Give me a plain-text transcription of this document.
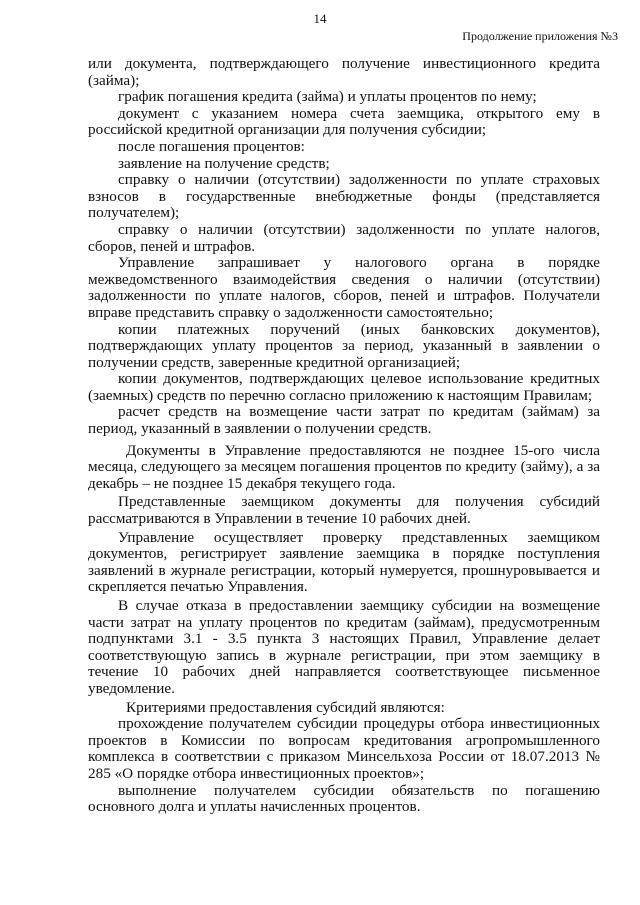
14
Продолжение приложения №3

или документа, подтверждающего получение инвестиционного кредита (займа);

график погашения кредита (займа) и уплаты процентов по нему;

документ с указанием номера счета заемщика, открытого ему в российской кредитной организации для получения субсидии;

после погашения процентов:

заявление на получение средств;

справку о наличии (отсутствии) задолженности по уплате страховых взносов в государственные внебюджетные фонды (представляется получателем);

справку о наличии (отсутствии) задолженности по уплате налогов, сборов, пеней и штрафов.

Управление запрашивает у налогового органа в порядке межведомственного взаимодействия сведения о наличии (отсутствии) задолженности по уплате налогов, сборов, пеней и штрафов. Получатели вправе представить справку о задолженности самостоятельно;

копии платежных поручений (иных банковских документов), подтверждающих уплату процентов за период, указанный в заявлении о получении средств, заверенные кредитной организацией;

копии документов, подтверждающих целевое использование кредитных (заемных) средств по перечню согласно приложению к настоящим Правилам;

расчет средств на возмещение части затрат по кредитам (займам) за период, указанный в заявлении о получении средств.

Документы в Управление предоставляются не позднее 15-ого числа месяца, следующего за месяцем погашения процентов по кредиту (займу), а за декабрь – не позднее 15 декабря текущего года.

Представленные заемщиком документы для получения субсидий рассматриваются в Управлении в течение 10 рабочих дней.

Управление осуществляет проверку представленных заемщиком документов, регистрирует заявление заемщика в порядке поступления заявлений в журнале регистрации, который нумеруется, прошнуровывается и скрепляется печатью Управления.

В случае отказа в предоставлении заемщику субсидии на возмещение части затрат на уплату процентов по кредитам (займам), предусмотренным подпунктами 3.1 - 3.5 пункта 3 настоящих Правил, Управление делает соответствующую запись в журнале регистрации, при этом заемщику в течение 10 рабочих дней направляется соответствующее письменное уведомление.

Критериями предоставления субсидий являются:

прохождение получателем субсидии процедуры отбора инвестиционных проектов в Комиссии по вопросам кредитования агропромышленного комплекса в соответствии с приказом Минсельхоза России от 18.07.2013 № 285 «О порядке отбора инвестиционных проектов»;

выполнение получателем субсидии обязательств по погашению основного долга и уплаты начисленных процентов.
